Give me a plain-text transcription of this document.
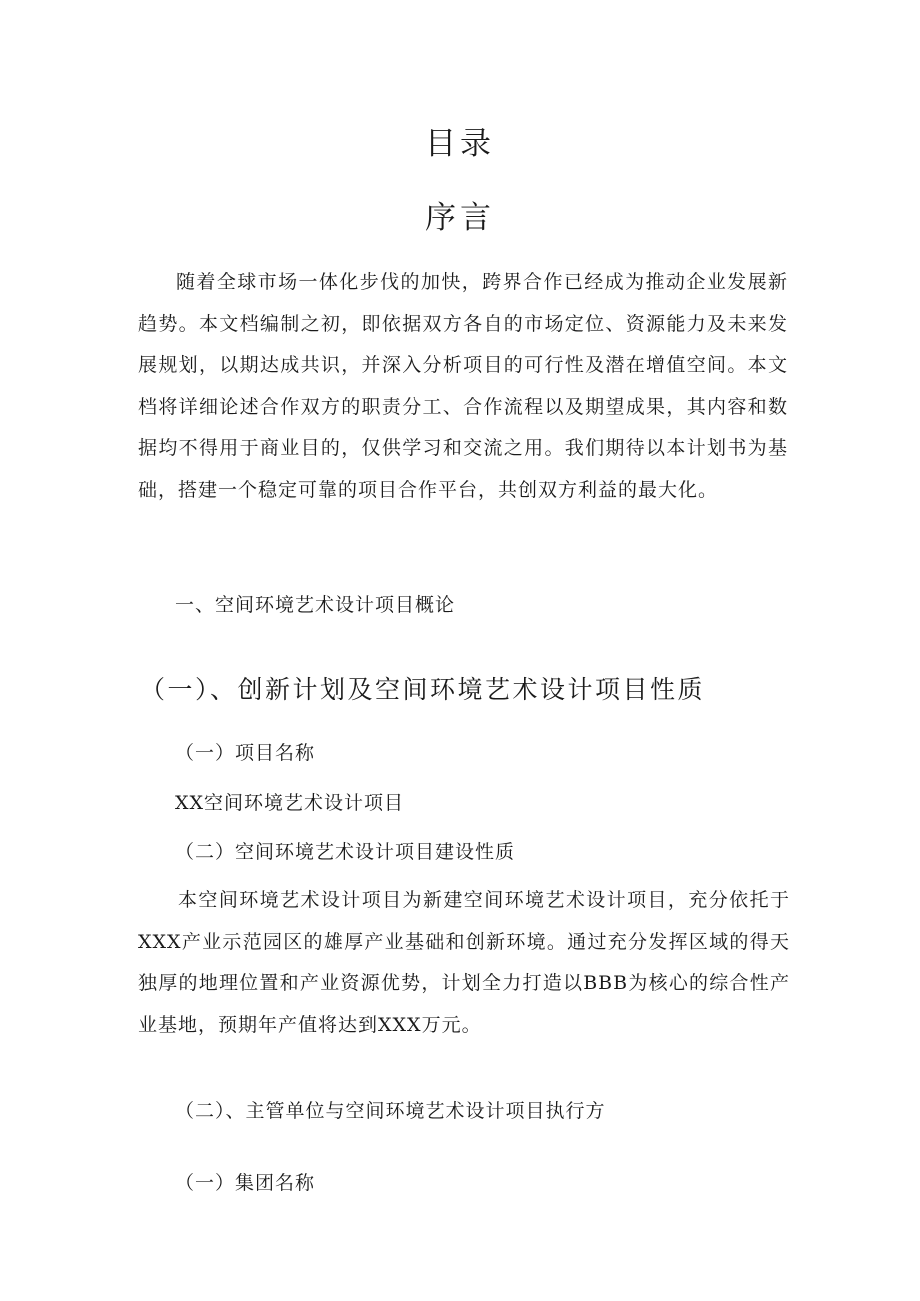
目录
序言

随着全球市场一体化步伐的加快，跨界合作已经成为推动企业发展新趋势。本文档编制之初，即依据双方各自的市场定位、资源能力及未来发展规划，以期达成共识，并深入分析项目的可行性及潜在增值空间。本文档将详细论述合作双方的职责分工、合作流程以及期望成果，其内容和数据均不得用于商业目的，仅供学习和交流之用。我们期待以本计划书为基础，搭建一个稳定可靠的项目合作平台，共创双方利益的最大化。

一、空间环境艺术设计项目概论

（一）、创新计划及空间环境艺术设计项目性质

（一）项目名称

XX空间环境艺术设计项目

（二）空间环境艺术设计项目建设性质

本空间环境艺术设计项目为新建空间环境艺术设计项目，充分依托于XXX产业示范园区的雄厚产业基础和创新环境。通过充分发挥区域的得天独厚的地理位置和产业资源优势，计划全力打造以BBB为核心的综合性产业基地，预期年产值将达到XXX万元。

（二）、主管单位与空间环境艺术设计项目执行方

（一）集团名称
